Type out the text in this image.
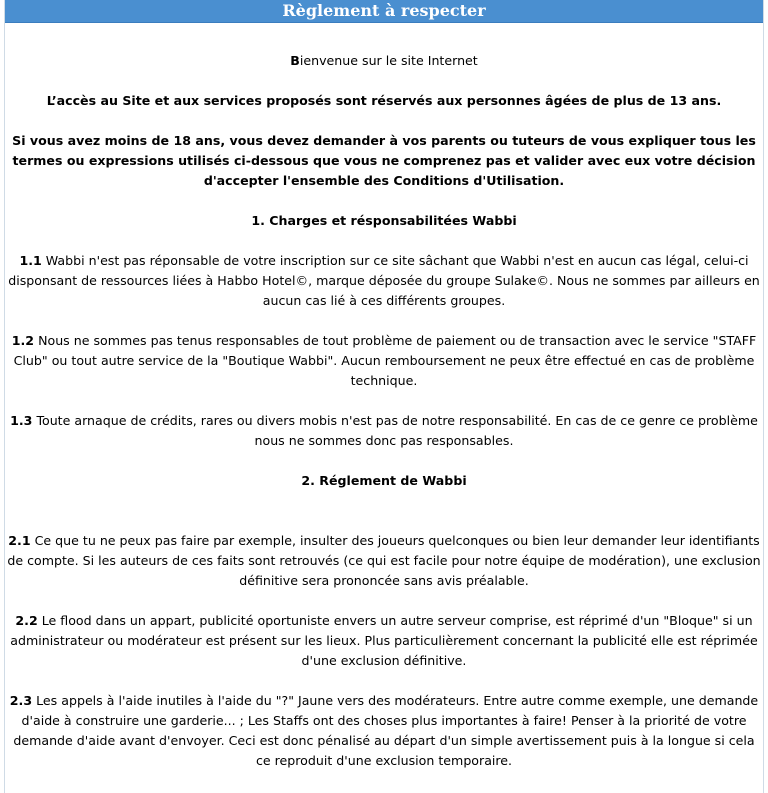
Règlement à respecter

Bienvenue sur le site Internet

L’accès au Site et aux services proposés sont réservés aux personnes âgées de plus de 13 ans.

Si vous avez moins de 18 ans, vous devez demander à vos parents ou tuteurs de vous expliquer tous les termes ou expressions utilisés ci-dessous que vous ne comprenez pas et valider avec eux votre décision d'accepter l'ensemble des Conditions d'Utilisation.

1. Charges et résponsabilitées Wabbi

1.1 Wabbi n'est pas réponsable de votre inscription sur ce site sâchant que Wabbi n'est en aucun cas légal, celui-ci disponsant de ressources liées à Habbo Hotel©, marque déposée du groupe Sulake©. Nous ne sommes par ailleurs en aucun cas lié à ces différents groupes.

1.2 Nous ne sommes pas tenus responsables de tout problème de paiement ou de transaction avec le service "STAFF Club" ou tout autre service de la "Boutique Wabbi". Aucun remboursement ne peux être effectué en cas de problème technique.

1.3 Toute arnaque de crédits, rares ou divers mobis n'est pas de notre responsabilité. En cas de ce genre ce problème nous ne sommes donc pas responsables.

2. Réglement de Wabbi

2.1 Ce que tu ne peux pas faire par exemple, insulter des joueurs quelconques ou bien leur demander leur identifiants de compte. Si les auteurs de ces faits sont retrouvés (ce qui est facile pour notre équipe de modération), une exclusion définitive sera prononcée sans avis préalable.

2.2 Le flood dans un appart, publicité oportuniste envers un autre serveur comprise, est réprimé d'un "Bloque" si un administrateur ou modérateur est présent sur les lieux. Plus particulièrement concernant la publicité elle est réprimée d'une exclusion définitive.

2.3 Les appels à l'aide inutiles à l'aide du "?" Jaune vers des modérateurs. Entre autre comme exemple, une demande d'aide à construire une garderie... ; Les Staffs ont des choses plus importantes à faire! Penser à la priorité de votre demande d'aide avant d'envoyer. Ceci est donc pénalisé au départ d'un simple avertissement puis à la longue si cela ce reproduit d'une exclusion temporaire.
